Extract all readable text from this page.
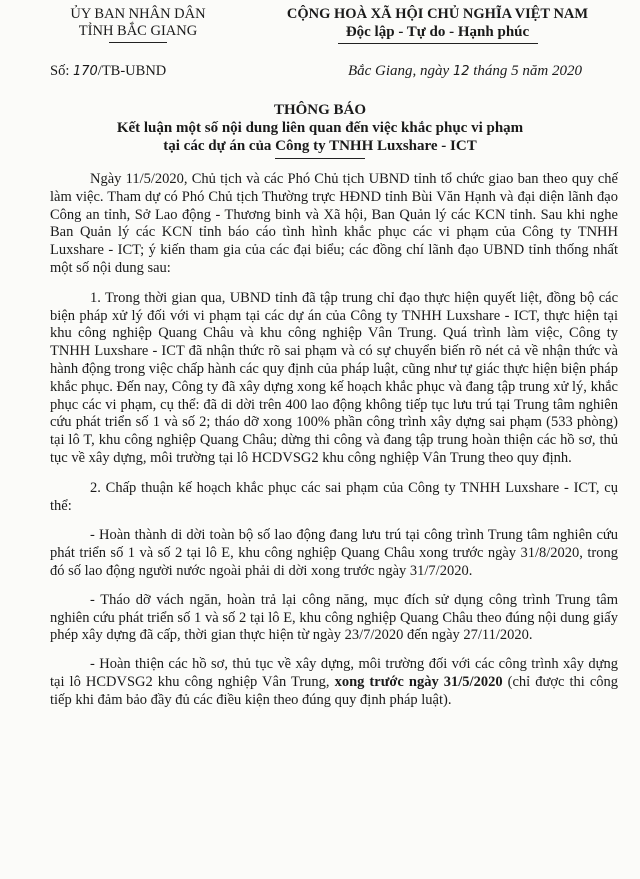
ỦY BAN NHÂN DÂN
TỈNH BẮC GIANG
CỘNG HOÀ XÃ HỘI CHỦ NGHĨA VIỆT NAM
Độc lập - Tự do - Hạnh phúc
Số: 170/TB-UBND	Bắc Giang, ngày 12 tháng 5 năm 2020
THÔNG BÁO
Kết luận một số nội dung liên quan đến việc khắc phục vi phạm
tại các dự án của Công ty TNHH Luxshare - ICT

Ngày 11/5/2020, Chủ tịch và các Phó Chủ tịch UBND tỉnh tổ chức giao ban theo quy chế làm việc. Tham dự có Phó Chủ tịch Thường trực HĐND tỉnh Bùi Văn Hạnh và đại diện lãnh đạo Công an tỉnh, Sở Lao động - Thương binh và Xã hội, Ban Quản lý các KCN tỉnh. Sau khi nghe Ban Quản lý các KCN tỉnh báo cáo tình hình khắc phục các vi phạm của Công ty TNHH Luxshare - ICT; ý kiến tham gia của các đại biểu; các đồng chí lãnh đạo UBND tỉnh thống nhất một số nội dung sau:

1. Trong thời gian qua, UBND tỉnh đã tập trung chỉ đạo thực hiện quyết liệt, đồng bộ các biện pháp xử lý đối với vi phạm tại các dự án của Công ty TNHH Luxshare - ICT, thực hiện tại khu công nghiệp Quang Châu và khu công nghiệp Vân Trung. Quá trình làm việc, Công ty TNHH Luxshare - ICT đã nhận thức rõ sai phạm và có sự chuyển biến rõ nét cả về nhận thức và hành động trong việc chấp hành các quy định của pháp luật, cũng như tự giác thực hiện biện pháp khắc phục. Đến nay, Công ty đã xây dựng xong kế hoạch khắc phục và đang tập trung xử lý, khắc phục các vi phạm, cụ thể: đã di dời trên 400 lao động không tiếp tục lưu trú tại Trung tâm nghiên cứu phát triển số 1 và số 2; tháo dỡ xong 100% phần công trình xây dựng sai phạm (533 phòng) tại lô T, khu công nghiệp Quang Châu; dừng thi công và đang tập trung hoàn thiện các hồ sơ, thủ tục về xây dựng, môi trường tại lô HCDVSG2 khu công nghiệp Vân Trung theo quy định.

2. Chấp thuận kế hoạch khắc phục các sai phạm của Công ty TNHH Luxshare - ICT, cụ thể:

- Hoàn thành di dời toàn bộ số lao động đang lưu trú tại công trình Trung tâm nghiên cứu phát triển số 1 và số 2 tại lô E, khu công nghiệp Quang Châu xong trước ngày 31/8/2020, trong đó số lao động người nước ngoài phải di dời xong trước ngày 31/7/2020.

- Tháo dỡ vách ngăn, hoàn trả lại công năng, mục đích sử dụng công trình Trung tâm nghiên cứu phát triển số 1 và số 2 tại lô E, khu công nghiệp Quang Châu theo đúng nội dung giấy phép xây dựng đã cấp, thời gian thực hiện từ ngày 23/7/2020 đến ngày 27/11/2020.

- Hoàn thiện các hồ sơ, thủ tục về xây dựng, môi trường đối với các công trình xây dựng tại lô HCDVSG2 khu công nghiệp Vân Trung, xong trước ngày 31/5/2020 (chỉ được thi công tiếp khi đảm bảo đầy đủ các điều kiện theo đúng quy định pháp luật).
